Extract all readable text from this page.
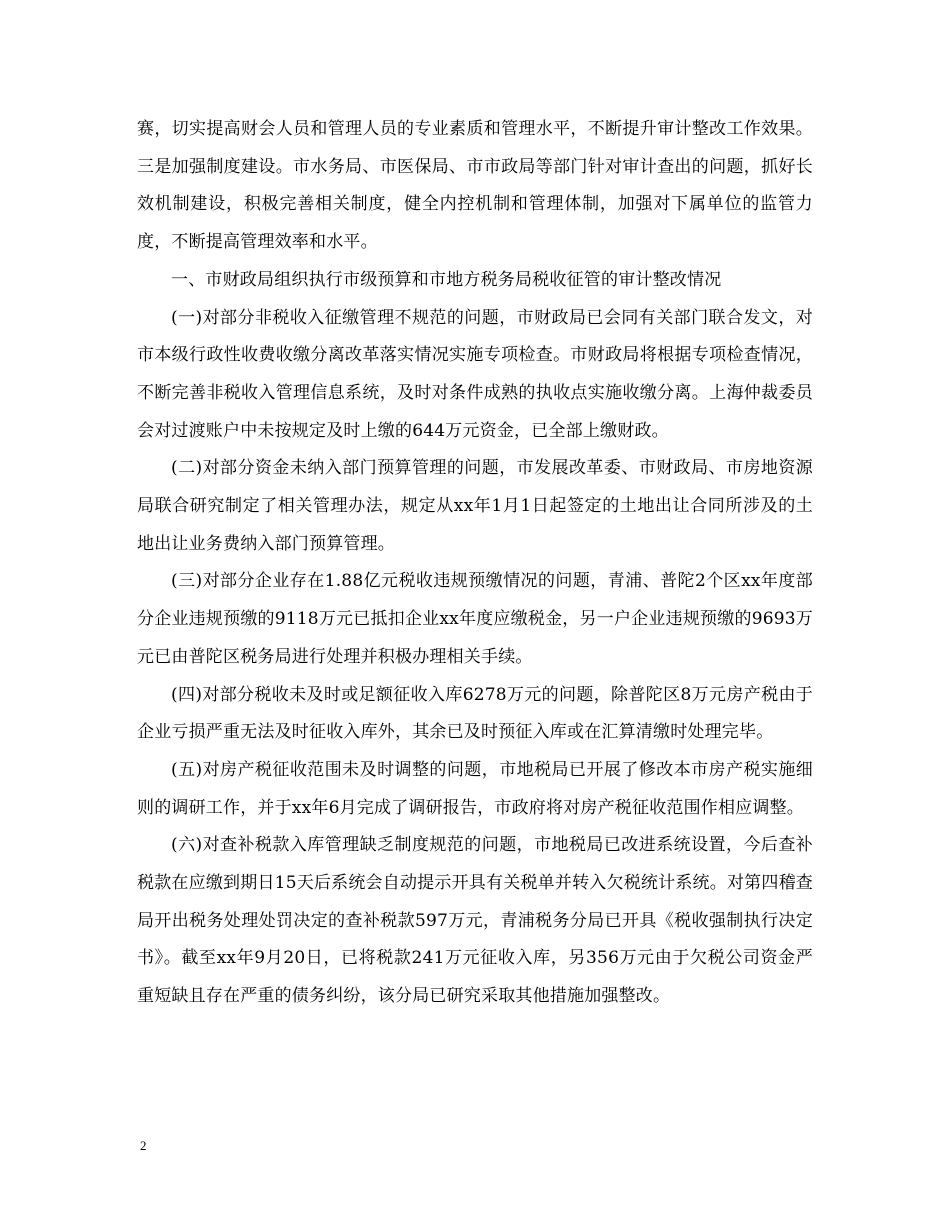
赛，切实提高财会人员和管理人员的专业素质和管理水平，不断提升审计整改工作效果。三是加强制度建设。市水务局、市医保局、市市政局等部门针对审计查出的问题，抓好长效机制建设，积极完善相关制度，健全内控机制和管理体制，加强对下属单位的监管力度，不断提高管理效率和水平。

一、市财政局组织执行市级预算和市地方税务局税收征管的审计整改情况

(一)对部分非税收入征缴管理不规范的问题，市财政局已会同有关部门联合发文，对市本级行政性收费收缴分离改革落实情况实施专项检查。市财政局将根据专项检查情况，不断完善非税收入管理信息系统，及时对条件成熟的执收点实施收缴分离。上海仲裁委员会对过渡账户中未按规定及时上缴的644万元资金，已全部上缴财政。

(二)对部分资金未纳入部门预算管理的问题，市发展改革委、市财政局、市房地资源局联合研究制定了相关管理办法，规定从xx年1月1日起签定的土地出让合同所涉及的土地出让业务费纳入部门预算管理。

(三)对部分企业存在1.88亿元税收违规预缴情况的问题，青浦、普陀2个区xx年度部分企业违规预缴的9118万元已抵扣企业xx年度应缴税金，另一户企业违规预缴的9693万元已由普陀区税务局进行处理并积极办理相关手续。

(四)对部分税收未及时或足额征收入库6278万元的问题，除普陀区8万元房产税由于企业亏损严重无法及时征收入库外，其余已及时预征入库或在汇算清缴时处理完毕。

(五)对房产税征收范围未及时调整的问题，市地税局已开展了修改本市房产税实施细则的调研工作，并于xx年6月完成了调研报告，市政府将对房产税征收范围作相应调整。

(六)对查补税款入库管理缺乏制度规范的问题，市地税局已改进系统设置，今后查补税款在应缴到期日15天后系统会自动提示开具有关税单并转入欠税统计系统。对第四稽查局开出税务处理处罚决定的查补税款597万元，青浦税务分局已开具《税收强制执行决定书》。截至xx年9月20日，已将税款241万元征收入库，另356万元由于欠税公司资金严重短缺且存在严重的债务纠纷，该分局已研究采取其他措施加强整改。

2
